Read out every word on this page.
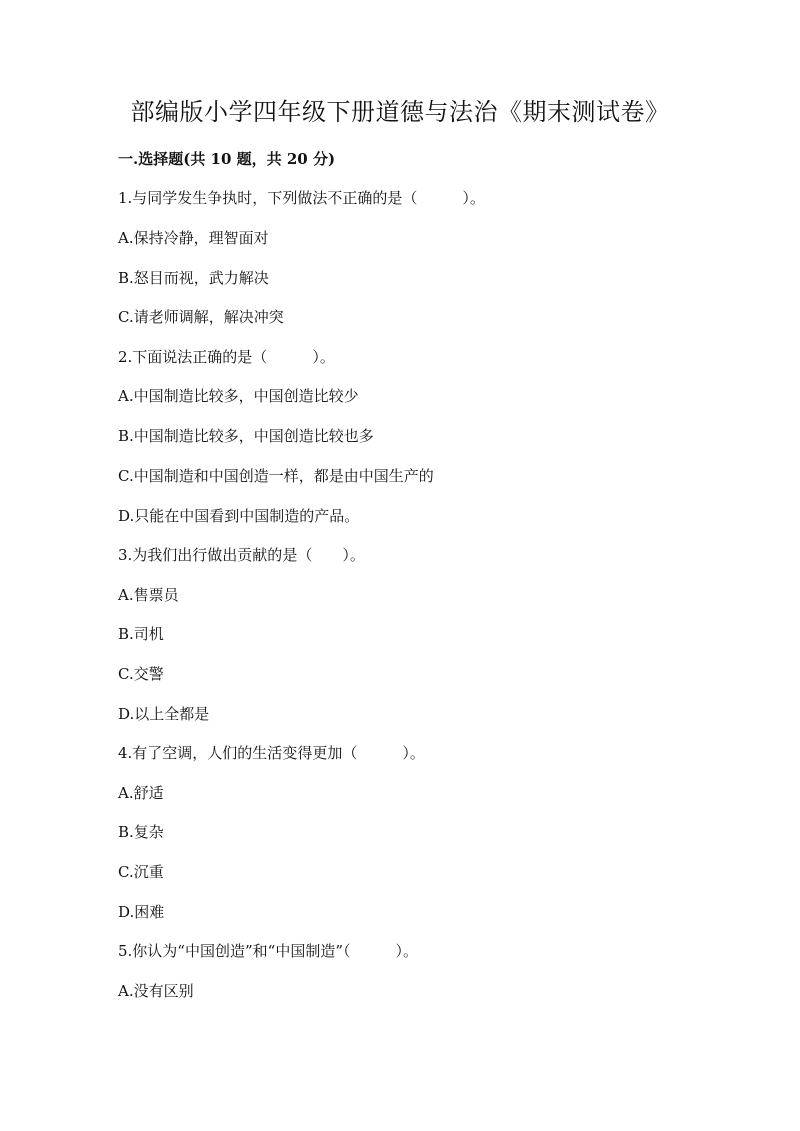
部编版小学四年级下册道德与法治《期末测试卷》
一.选择题(共 10 题，共 20 分)
1.与同学发生争执时，下列做法不正确的是（　　　）。
A.保持冷静，理智面对
B.怒目而视，武力解决
C.请老师调解，解决冲突
2.下面说法正确的是（　　　）。
A.中国制造比较多，中国创造比较少
B.中国制造比较多，中国创造比较也多
C.中国制造和中国创造一样，都是由中国生产的
D.只能在中国看到中国制造的产品。
3.为我们出行做出贡献的是（　　）。
A.售票员
B.司机
C.交警
D.以上全都是
4.有了空调，人们的生活变得更加（　　　）。
A.舒适
B.复杂
C.沉重
D.困难
5.你认为“中国创造”和“中国制造”（　　　）。
A.没有区别
